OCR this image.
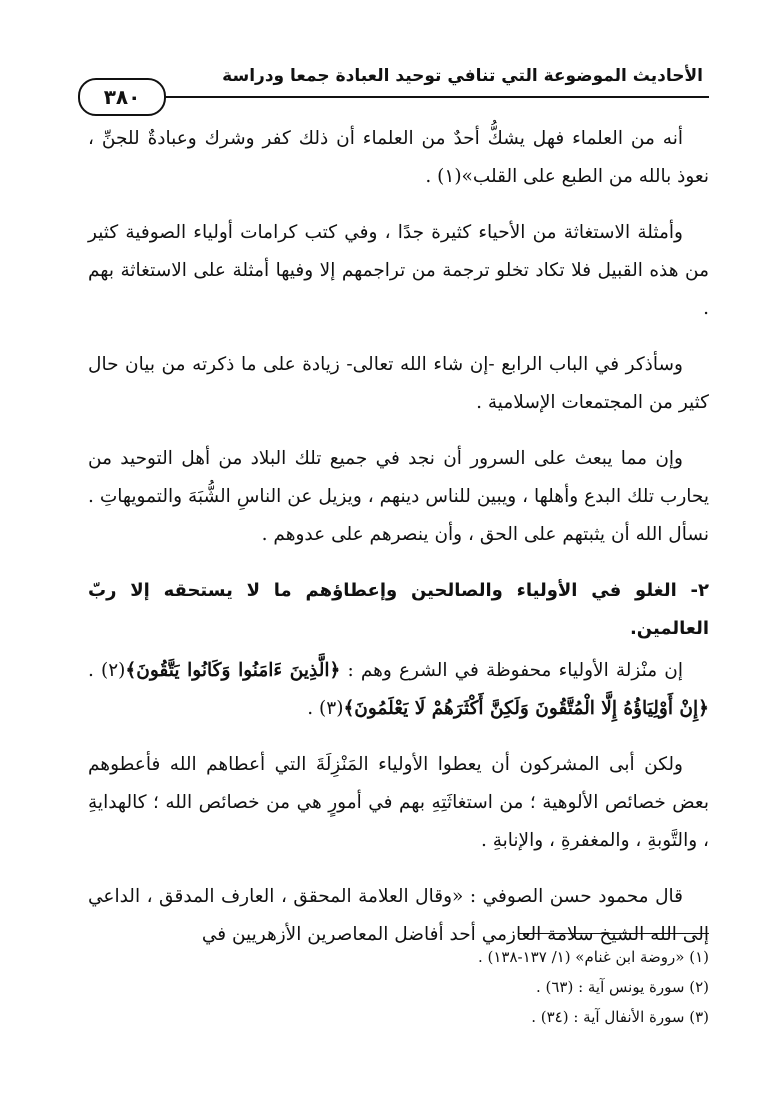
الأحاديث الموضوعة التي تنافي توحيد العبادة جمعا ودراسة
٣٨٠

أنه من العلماء فهل يشكُّ أحدٌ من العلماء أن ذلك كفر وشرك وعبادةٌ للجنِّ ، نعوذ بالله من الطبع على القلب»(١) .

وأمثلة الاستغاثة من الأحياء كثيرة جدًا ، وفي كتب كرامات أولياء الصوفية كثير من هذه القبيل فلا تكاد تخلو ترجمة من تراجمهم إلا وفيها أمثلة على الاستغاثة بهم .

وسأذكر في الباب الرابع -إن شاء الله تعالى- زيادة على ما ذكرته من بيان حال كثير من المجتمعات الإسلامية .

وإن مما يبعث على السرور أن نجد في جميع تلك البلاد من أهل التوحيد من يحارب تلك البدع وأهلها ، ويبين للناس دينهم ، ويزيل عن الناسِ الشُّبَهَ والتمويهاتِ . نسأل الله أن يثبتهم على الحق ، وأن ينصرهم على عدوهم .

٢- الغلو في الأولياء والصالحين وإعطاؤهم ما لا يستحقه إلا ربّ العالمين.

إن منْزلة الأولياء محفوظة في الشرع وهم : ﴿الَّذِينَ ءَامَنُوا وَكَانُوا يَتَّقُونَ﴾(٢) . ﴿إِنْ أَوْلِيَاؤُهُ إِلَّا الْمُتَّقُونَ وَلَكِنَّ أَكْثَرَهُمْ لَا يَعْلَمُونَ﴾(٣) .

ولكن أبى المشركون أن يعطوا الأولياء المَنْزِلَةَ التي أعطاهم الله فأعطوهم بعض خصائص الألوهية ؛ من استغاثَتِهِ بهم في أمورٍ هي من خصائص الله ؛ كالهدايةِ ، والتَّوبةِ ، والمغفرةِ ، والإنابةِ .

قال محمود حسن الصوفي : «وقال العلامة المحقق ، العارف المدقق ، الداعي إلى الله الشيخ سلامة العازمي أحد أفاضل المعاصرين الأزهريين في

(١) «روضة ابن غنام» (١/ ١٣٧-١٣٨) .
(٢) سورة يونس آية : (٦٣) .
(٣) سورة الأنفال آية : (٣٤) .
